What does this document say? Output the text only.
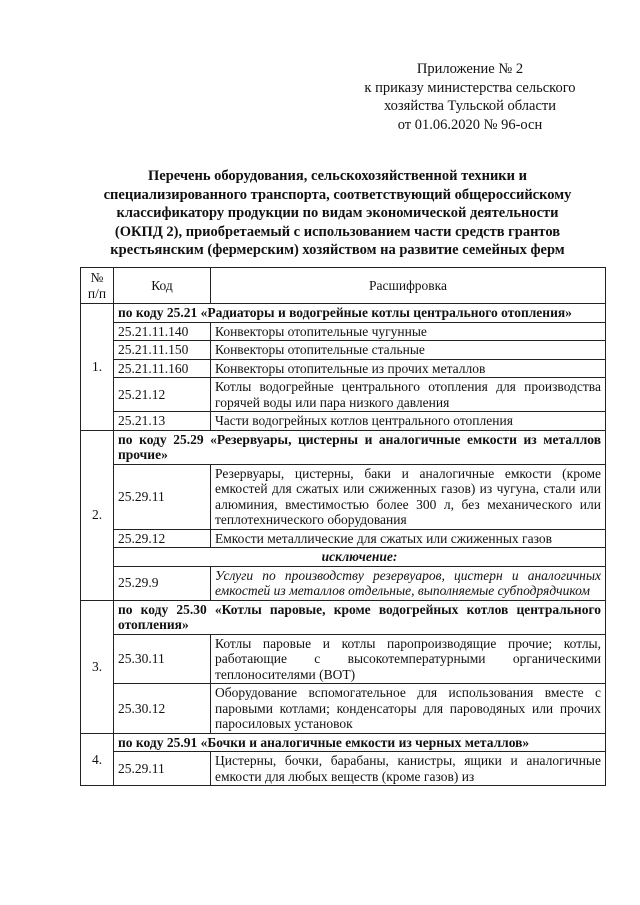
Приложение № 2
к приказу министерства сельского
хозяйства Тульской области
от 01.06.2020 № 96-осн
Перечень оборудования, сельскохозяйственной техники и
специализированного транспорта, соответствующий общероссийскому
классификатору продукции по видам экономической деятельности
(ОКПД 2), приобретаемый с использованием части средств грантов
крестьянским (фермерским) хозяйством на развитие семейных ферм
№
п/п	Код	Расшифровка
1.	по коду 25.21 «Радиаторы и водогрейные котлы центрального отопления»	
	25.21.11.140	Конвекторы отопительные чугунные
	25.21.11.150	Конвекторы отопительные стальные
	25.21.11.160	Конвекторы отопительные из прочих металлов
	25.21.12	Котлы водогрейные центрального отопления для производства горячей воды или пара низкого давления
	25.21.13	Части водогрейных котлов центрального отопления
2.	по коду 25.29 «Резервуары, цистерны и аналогичные емкости из металлов прочие»	
	25.29.11	Резервуары, цистерны, баки и аналогичные емкости (кроме емкостей для сжатых или сжиженных газов) из чугуна, стали или алюминия, вместимостью более 300 л, без механического или теплотехнического оборудования
	25.29.12	Емкости металлические для сжатых или сжиженных газов
	исключение:	
	25.29.9	Услуги по производству резервуаров, цистерн и аналогичных емкостей из металлов отдельные, выполняемые субподрядчиком
3.	по коду 25.30 «Котлы паровые, кроме водогрейных котлов центрального отопления»	
	25.30.11	Котлы паровые и котлы паропроизводящие прочие; котлы, работающие с высокотемпературными органическими теплоносителями (ВОТ)
	25.30.12	Оборудование вспомогательное для использования вместе с паровыми котлами; конденсаторы для пароводяных или прочих паросиловых установок
4.	по коду 25.91 «Бочки и аналогичные емкости из черных металлов»	
	25.29.11	Цистерны, бочки, барабаны, канистры, ящики и аналогичные емкости для любых веществ (кроме газов) из
